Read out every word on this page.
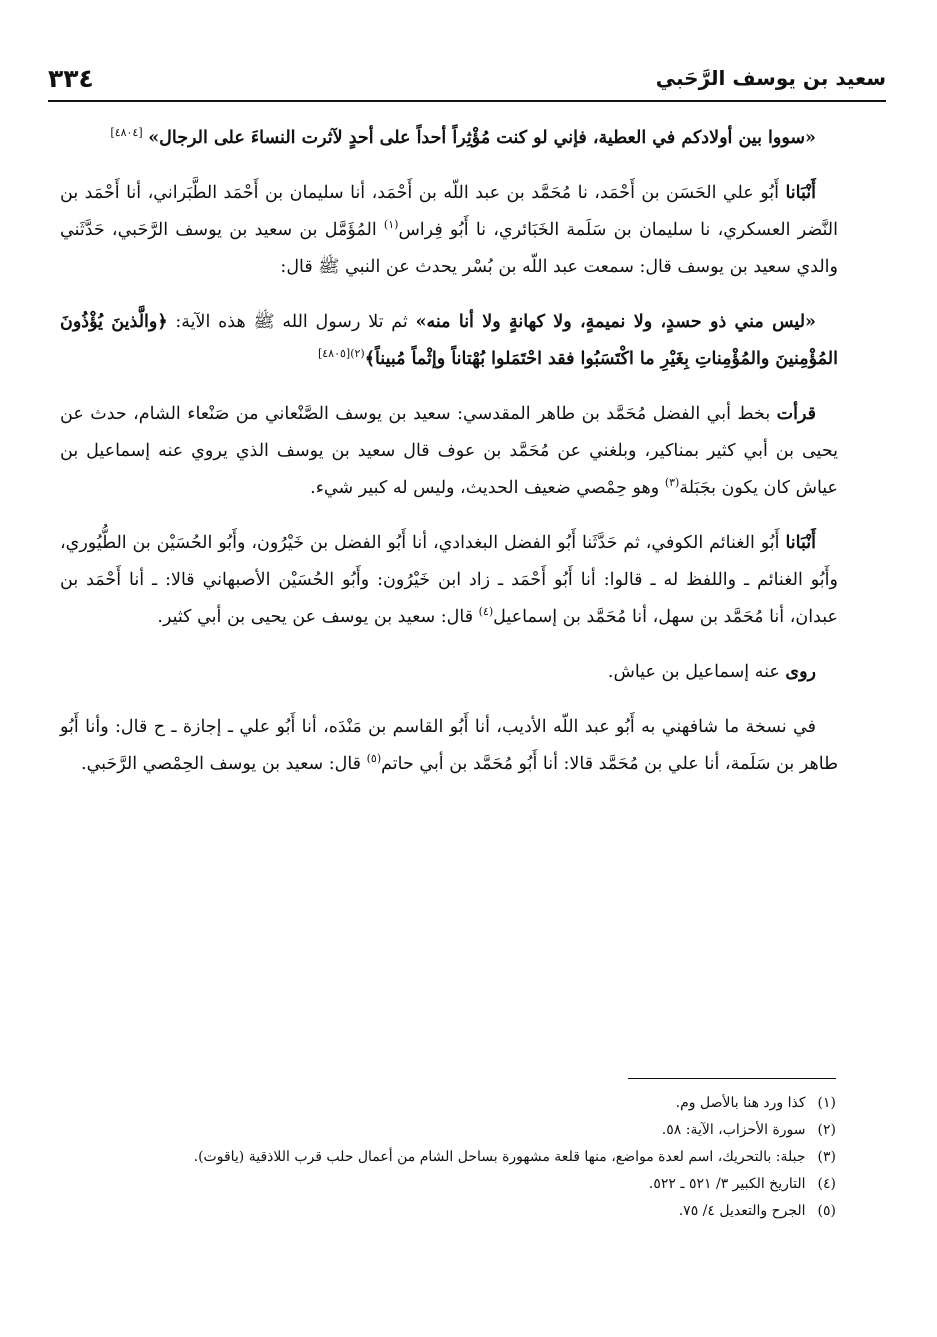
سعيد بن يوسف الرَّحَبي
٣٣٤

«سووا بين أولادكم في العطية، فإني لو كنت مُؤْثِراً أحداً على أحدٍ لآثرت النساءَ على الرجال» [٤٨٠٤]

أَنْبَانا أَبُو علي الحَسَن بن أَحْمَد، نا مُحَمَّد بن عبد اللّه بن أَحْمَد، أنا سليمان بن أَحْمَد الطَّبَراني، أنا أَحْمَد بن النَّضر العسكري، نا سليمان بن سَلَمة الخَبَائري، نا أَبُو فِراس$^{(١)}$ المُؤَمَّل بن سعيد بن يوسف الرَّحَبي، حَدَّثَني والدي سعيد بن يوسف قال: سمعت عبد اللّه بن بُسْر يحدث عن النبي ﷺ قال:

«ليس مني ذو حسدٍ، ولا نميمةٍ، ولا كهانةٍ ولا أنا منه» ثم تلا رسول الله ﷺ هذه الآية: ﴿والَّذينَ يُؤْذُونَ المُؤْمِنينَ والمُؤْمِناتِ بِغَيْرِ ما اكْتَسَبُوا فقد احْتَمَلوا بُهْتاناً وإثْماً مُبيناً﴾$^{(٢)[٤٨٠٥]}$

قرأت بخط أبي الفضل مُحَمَّد بن طاهر المقدسي: سعيد بن يوسف الصَّنْعاني من صَنْعاء الشام، حدث عن يحيى بن أبي كثير بمناكير، وبلغني عن مُحَمَّد بن عوف قال سعيد بن يوسف الذي يروي عنه إسماعيل بن عياش كان يكون بجَبَلة$^{(٣)}$ وهو حِمْصي ضعيف الحديث، وليس له كبير شيء.

أَنْبَانا أَبُو الغنائم الكوفي، ثم حَدَّثَنا أَبُو الفضل البغدادي، أنا أَبُو الفضل بن خَيْرُون، وأَبُو الحُسَيْن بن الطُّيُوري، وأَبُو الغنائم ـ واللفظ له ـ قالوا: أنا أَبُو أَحْمَد ـ زاد ابن خَيْرُون: وأَبُو الحُسَيْن الأصبهاني قالا: ـ أنا أَحْمَد بن عبدان، أنا مُحَمَّد بن سهل، أنا مُحَمَّد بن إسماعيل$^{(٤)}$ قال: سعيد بن يوسف عن يحيى بن أبي كثير.

روى عنه إسماعيل بن عياش.

في نسخة ما شافهني به أَبُو عبد اللّه الأديب، أنا أَبُو القاسم بن مَنْدَه، أنا أَبُو علي ـ إجازة ـ ح قال: وأنا أَبُو طاهر بن سَلَمة، أنا علي بن مُحَمَّد قالا: أنا أَبُو مُحَمَّد بن أبي حاتم$^{(٥)}$ قال: سعيد بن يوسف الحِمْصي الرَّحَبي.

(١)
كذا ورد هنا بالأصل وم.
(٢)
سورة الأحزاب، الآية: ٥٨.
(٣)
جبلة: بالتحريك، اسم لعدة مواضع، منها قلعة مشهورة بساحل الشام من أعمال حلب قرب اللاذقية (ياقوت).
(٤)
التاريخ الكبير ٣/ ٥٢١ ـ ٥٢٢.
(٥)
الجرح والتعديل ٤/ ٧٥.
